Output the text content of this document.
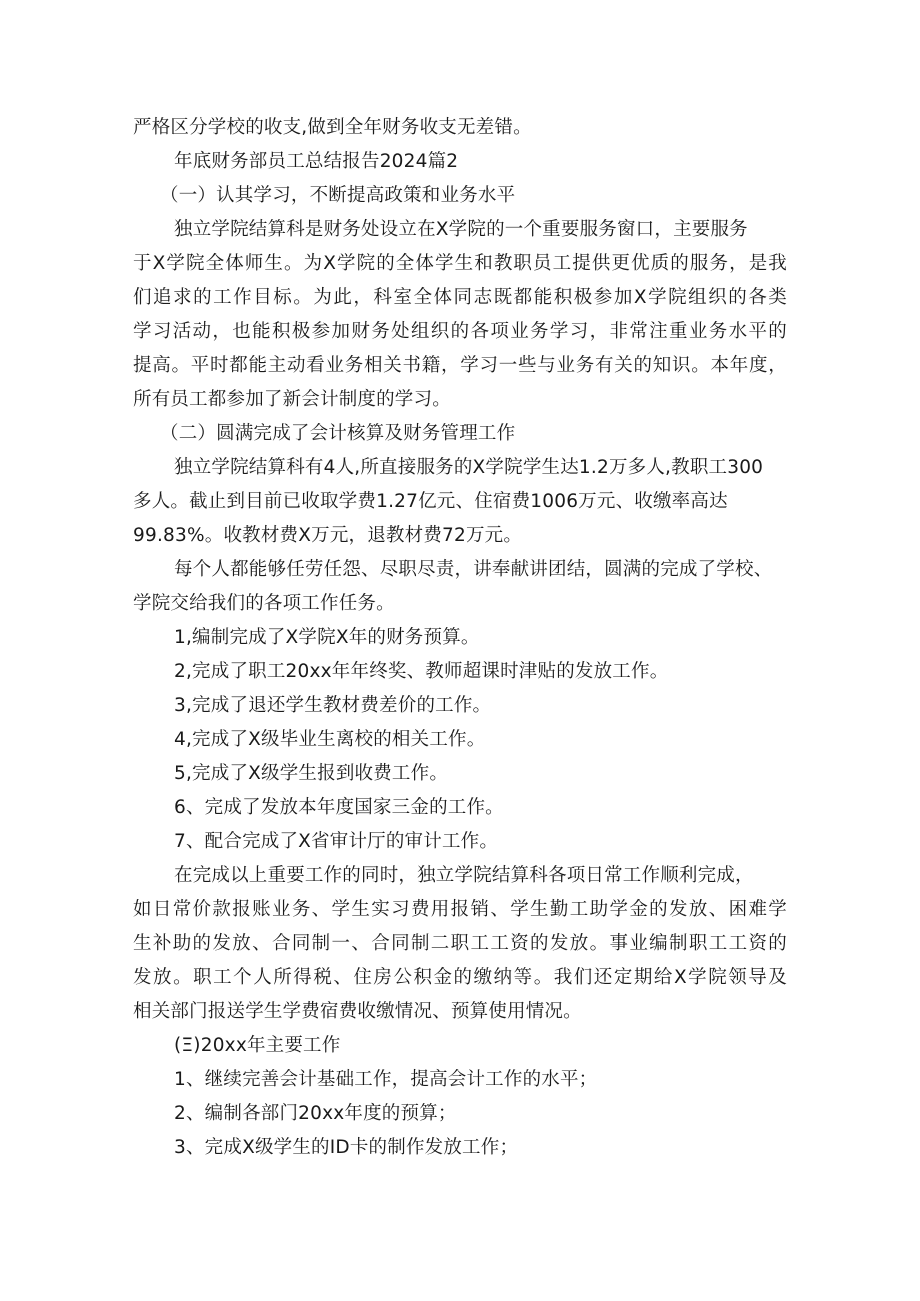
严格区分学校的收支,做到全年财务收支无差错。
年底财务部员工总结报告2024篇2
（一）认其学习，不断提高政策和业务水平
独立学院结算科是财务处设立在X学院的一个重要服务窗口，主要服务
于X学院全体师生。为X学院的全体学生和教职员工提供更优质的服务，是我
们追求的工作目标。为此，科室全体同志既都能积极参加X学院组织的各类
学习活动，也能积极参加财务处组织的各项业务学习，非常注重业务水平的
提高。平时都能主动看业务相关书籍，学习一些与业务有关的知识。本年度，
所有员工都参加了新会计制度的学习。
（二）圆满完成了会计核算及财务管理工作
独立学院结算科有4人,所直接服务的X学院学生达1.2万多人,教职工300
多人。截止到目前已收取学费1.27亿元、住宿费1006万元、收缴率高达
99.83%。收教材费X万元，退教材费72万元。
每个人都能够任劳任怨、尽职尽责，讲奉献讲团结，圆满的完成了学校、
学院交给我们的各项工作任务。
1,编制完成了X学院X年的财务预算。
2,完成了职工20xx年年终奖、教师超课时津贴的发放工作。
3,完成了退还学生教材费差价的工作。
4,完成了X级毕业生离校的相关工作。
5,完成了X级学生报到收费工作。
6、完成了发放本年度国家三金的工作。
7、配合完成了X省审计厅的审计工作。
在完成以上重要工作的同时，独立学院结算科各项日常工作顺利完成，
如日常价款报账业务、学生实习费用报销、学生勤工助学金的发放、困难学
生补助的发放、合同制一、合同制二职工工资的发放。事业编制职工工资的
发放。职工个人所得税、住房公积金的缴纳等。我们还定期给X学院领导及
相关部门报送学生学费宿费收缴情况、预算使用情况。
(Ξ)20xx年主要工作
1、继续完善会计基础工作，提高会计工作的水平；
2、编制各部门20xx年度的预算；
3、完成X级学生的ID卡的制作发放工作；
